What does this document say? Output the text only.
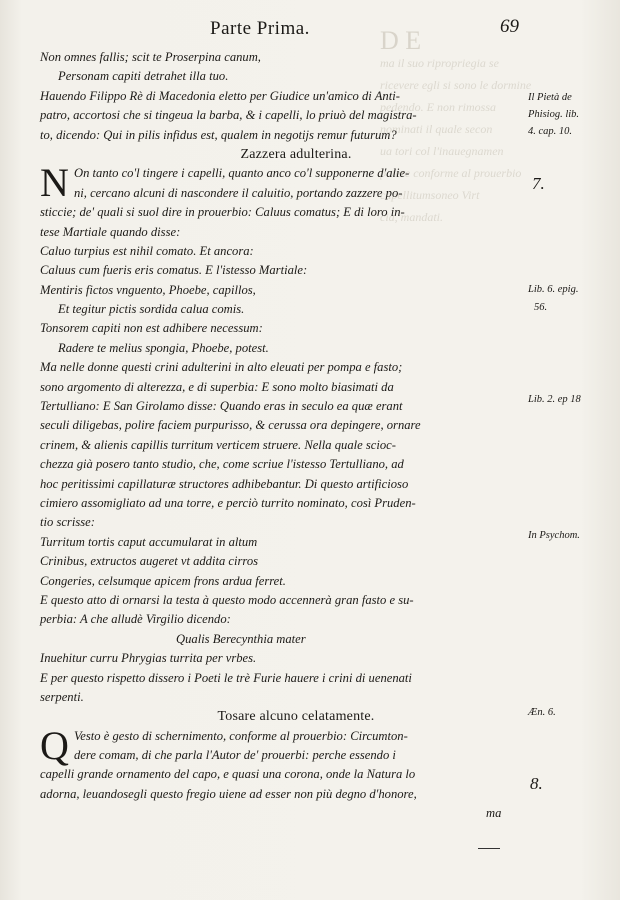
D E
ma il suo ripropriegia se
ricevere egli si sono le dormine
pedendo. E non rimossa
nominati il quale secon
ua tori col l'inauegnamen
potere conforme al prouerbio
capellitumsoneo Virt
cia, mandati.
Parte Prima.	69
Non omnes fallis; scit te Proserpina canum,
Personam capiti detrahet illa tuo.
Hauendo Filippo Rè di Macedonia eletto per Giudice un'amico di Anti-
patro, accortosi che si tingeua la barba, & i capelli, lo priuò del magistra-
to, dicendo: Qui in pilis infidus est, qualem in negotijs remur futurum?
Zazzera adulterina.
N On tanto co'l tingere i capelli, quanto anco co'l supponerne d'alie-
ni, cercano alcuni di nascondere il caluitio, portando zazzere po-
sticcie; de' quali si suol dire in prouerbio: Caluus comatus; E di loro in-
tese Martiale quando disse:
Caluo turpius est nihil comato. Et ancora:
Caluus cum fueris eris comatus. E l'istesso Martiale:
Mentiris fictos vnguento, Phoebe, capillos,
Et tegitur pictis sordida calua comis.
Tonsorem capiti non est adhibere necessum:
Radere te melius spongia, Phoebe, potest.
Ma nelle donne questi crini adulterini in alto eleuati per pompa e fasto;
sono argomento di alterezza, e di superbia: E sono molto biasimati da
Tertulliano: E San Girolamo disse: Quando eras in seculo ea quæ erant
seculi diligebas, polire faciem purpurisso, & cerussa ora depingere, ornare
crinem, & alienis capillis turritum verticem struere. Nella quale scioc-
chezza già posero tanto studio, che, come scriue l'istesso Tertulliano, ad
hoc peritissimi capillaturæ structores adhibebantur. Di questo artificioso
cimiero assomigliato ad una torre, e perciò turrito nominato, così Pruden-
tio scrisse:
Turritum tortis caput accumularat in altum
Crinibus, extructos augeret vt addita cirros
Congeries, celsumque apicem frons ardua ferret.
E questo atto di ornarsi la testa à questo modo accennerà gran fasto e su-
perbia: A che alludè Virgilio dicendo:
Qualis Berecynthia mater
Inuehitur curru Phrygias turrita per vrbes.
E per questo rispetto dissero i Poeti le trè Furie hauere i crini di uenenati
serpenti.
Tosare alcuno celatamente.
Q Vesto è gesto di schernimento, conforme al prouerbio: Circumton-
dere comam, di che parla l'Autor de' prouerbi: perche essendo i
capelli grande ornamento del capo, e quasi una corona, onde la Natura lo
adorna, leuandosegli questo fregio uiene ad esser non più degno d'honore,
ma
Il Pietà de
Phisiog. lib.
4. cap. 10.
7.
Lib. 6. epig.
56.
Lib. 2. ep 18
In Psychom.
Æn. 6.
8.
